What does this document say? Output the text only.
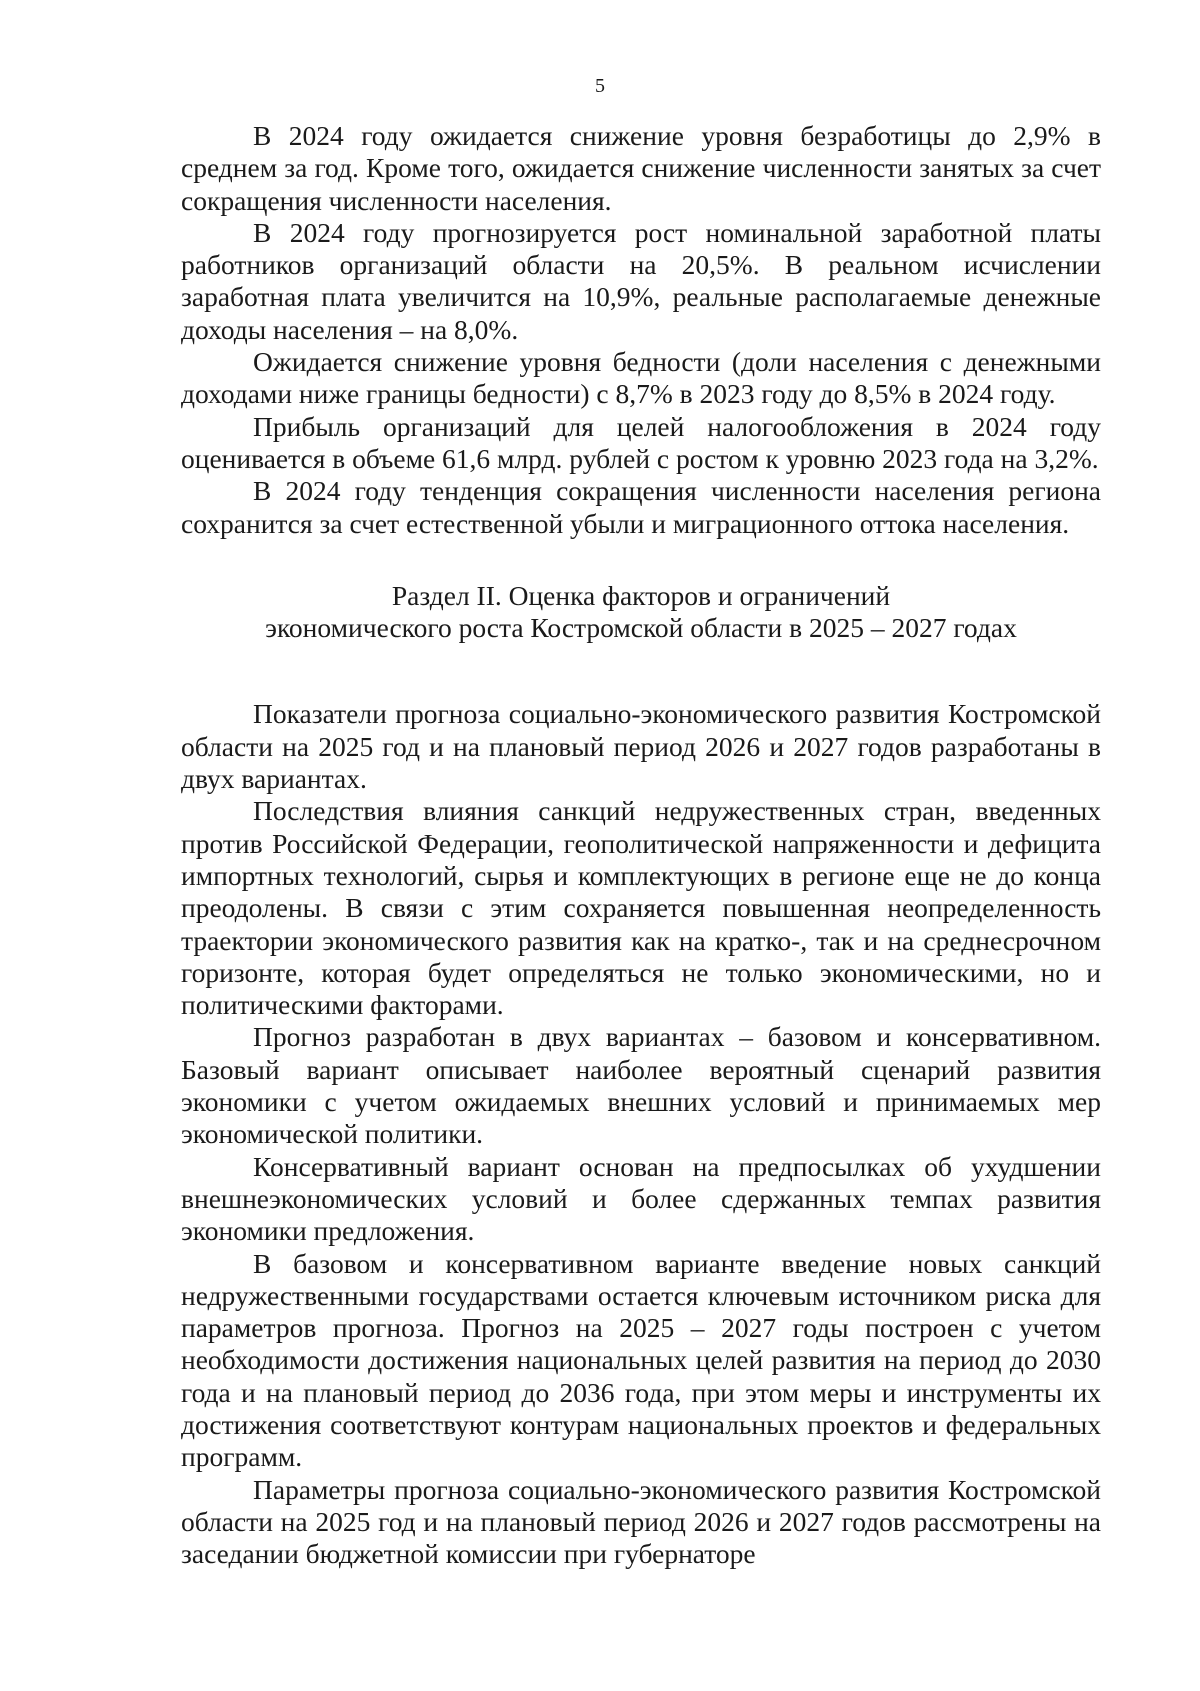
5

В 2024 году ожидается снижение уровня безработицы до 2,9% в среднем за год. Кроме того, ожидается снижение численности занятых за счет сокращения численности населения.

В 2024 году прогнозируется рост номинальной заработной платы работников организаций области на 20,5%. В реальном исчислении заработная плата увеличится на 10,9%, реальные располагаемые денежные доходы населения – на 8,0%.

Ожидается снижение уровня бедности (доли населения с денежными доходами ниже границы бедности) с 8,7% в 2023 году до 8,5% в 2024 году.

Прибыль организаций для целей налогообложения в 2024 году оценивается в объеме 61,6 млрд. рублей с ростом к уровню 2023 года на 3,2%.

В 2024 году тенденция сокращения численности населения региона сохранится за счет естественной убыли и миграционного оттока населения.

Раздел II. Оценка факторов и ограничений
экономического роста Костромской области в 2025 – 2027 годах

Показатели прогноза социально-экономического развития Костромской области на 2025 год и на плановый период 2026 и 2027 годов разработаны в двух вариантах.

Последствия влияния санкций недружественных стран, введенных против Российской Федерации, геополитической напряженности и дефицита импортных технологий, сырья и комплектующих в регионе еще не до конца преодолены. В связи с этим сохраняется повышенная неопределенность траектории экономического развития как на кратко-, так и на среднесрочном горизонте, которая будет определяться не только экономическими, но и политическими факторами.

Прогноз разработан в двух вариантах – базовом и консервативном. Базовый вариант описывает наиболее вероятный сценарий развития экономики с учетом ожидаемых внешних условий и принимаемых мер экономической политики.

Консервативный вариант основан на предпосылках об ухудшении внешнеэкономических условий и более сдержанных темпах развития экономики предложения.

В базовом и консервативном варианте введение новых санкций недружественными государствами остается ключевым источником риска для параметров прогноза. Прогноз на 2025 – 2027 годы построен с учетом необходимости достижения национальных целей развития на период до 2030 года и на плановый период до 2036 года, при этом меры и инструменты их достижения соответствуют контурам национальных проектов и федеральных программ.

Параметры прогноза социально-экономического развития Костромской области на 2025 год и на плановый период 2026 и 2027 годов рассмотрены на заседании бюджетной комиссии при губернаторе
